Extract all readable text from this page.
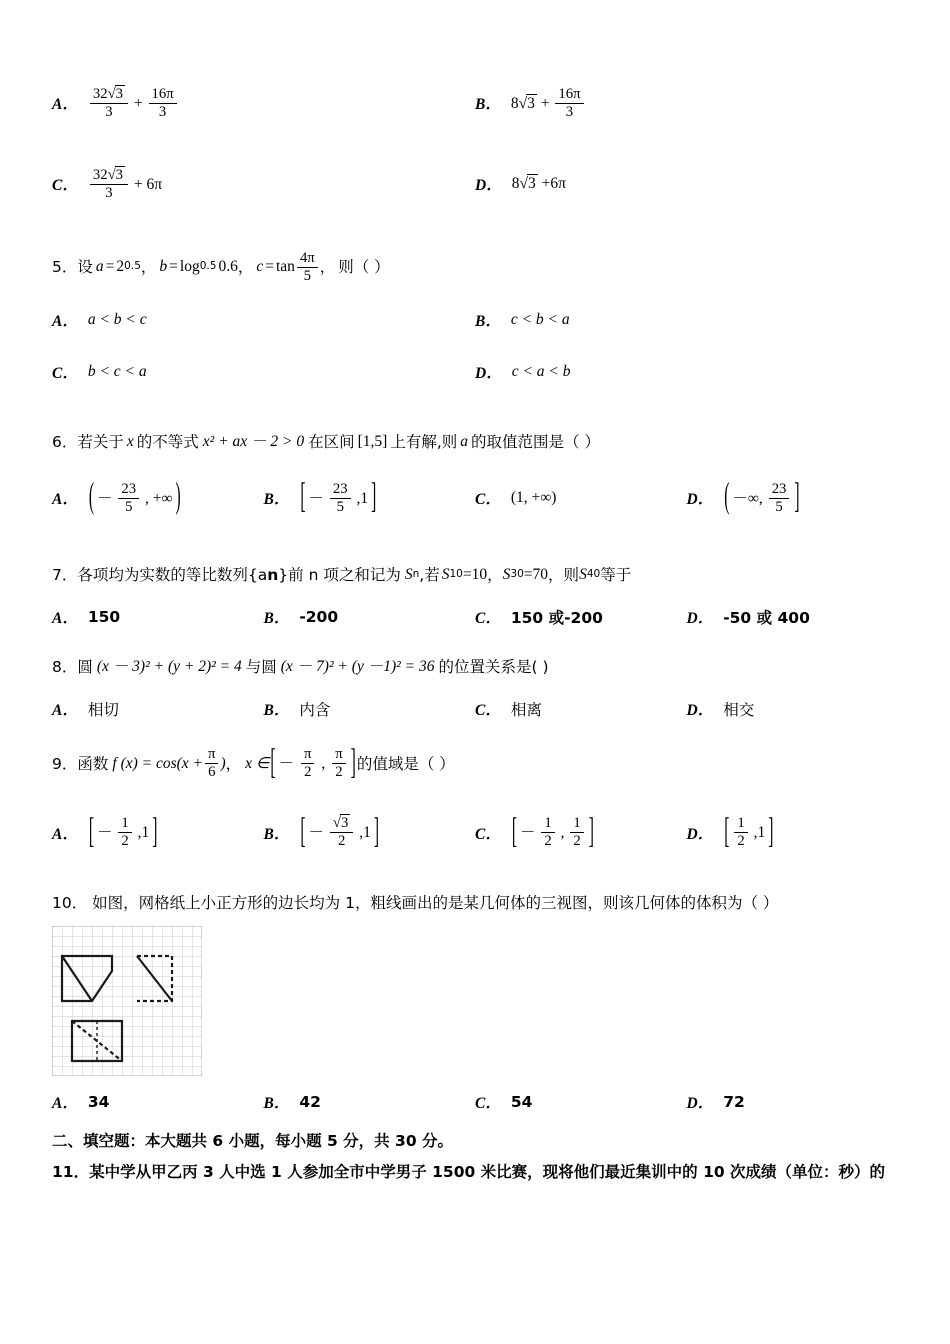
A． $\frac{32√3}{3} + \frac{16\pi}{3}$	B． $8√3 + \frac{16\pi}{3}$
C． $\frac{32√3}{3} + 6\pi$	D． 8√3 +6π
5． 设 a = 2 0.5 ， b = log 0.5 0.6 ， $c = \tan \frac{4\pi}{5}$ ， 则（ ）
A． a < b < c	B． c < b < a
C． b < c < a	D． c < a < b
6． 若关于 x 的不等式 x² + ax － 2 > 0 在区间 [1,5] 上有解,则 a 的取值范围是（ ）
A． ( － $\frac{23}{5}$ , +∞ )	B． [ － $\frac{23}{5} ,1$ ]	C． (1, +∞)	D． ( －∞, $\frac{23}{5}$ ]
7． 各项均为实数的等比数列{a n }前 n 项之和记为 S n ,若 S 10 =10 ， S 30 =70 ，则 S 40 等于
A． 150	B． -200	C． 150 或-200	D． -50 或 400
8． 圆 (x － 3)² + (y + 2)² = 4 与圆 (x － 7)² + (y －1)² = 36 的位置关系是( )
A． 相切	B． 内含	C． 相离	D． 相交
9． 函数 f $(x) = \cos(x + \frac{\pi}{6}$ ) ， x ∈ [ － $\frac{\pi}{2}$ , $\frac{\pi}{2}$ ] 的值域是（ ）
A． [ － $\frac{1}{2} ,1$ ]	B． [ － $\frac{√3}{2} ,1$ ]	C． [ － $\frac{1}{2}$ , $\frac{1}{2}$ ]	D． [ $\frac{1}{2} ,1$ ]
10． 如图，网格纸上小正方形的边长均为 1，粗线画出的是某几何体的三视图，则该几何体的体积为（ ）
A． 34	B． 42	C． 54	D． 72
二、填空题：本大题共 6 小题，每小题 5 分，共 30 分。
11．某中学从甲乙丙 3 人中选 1 人参加全市中学男子 1500 米比赛，现将他们最近集训中的 10 次成绩（单位：秒）的
